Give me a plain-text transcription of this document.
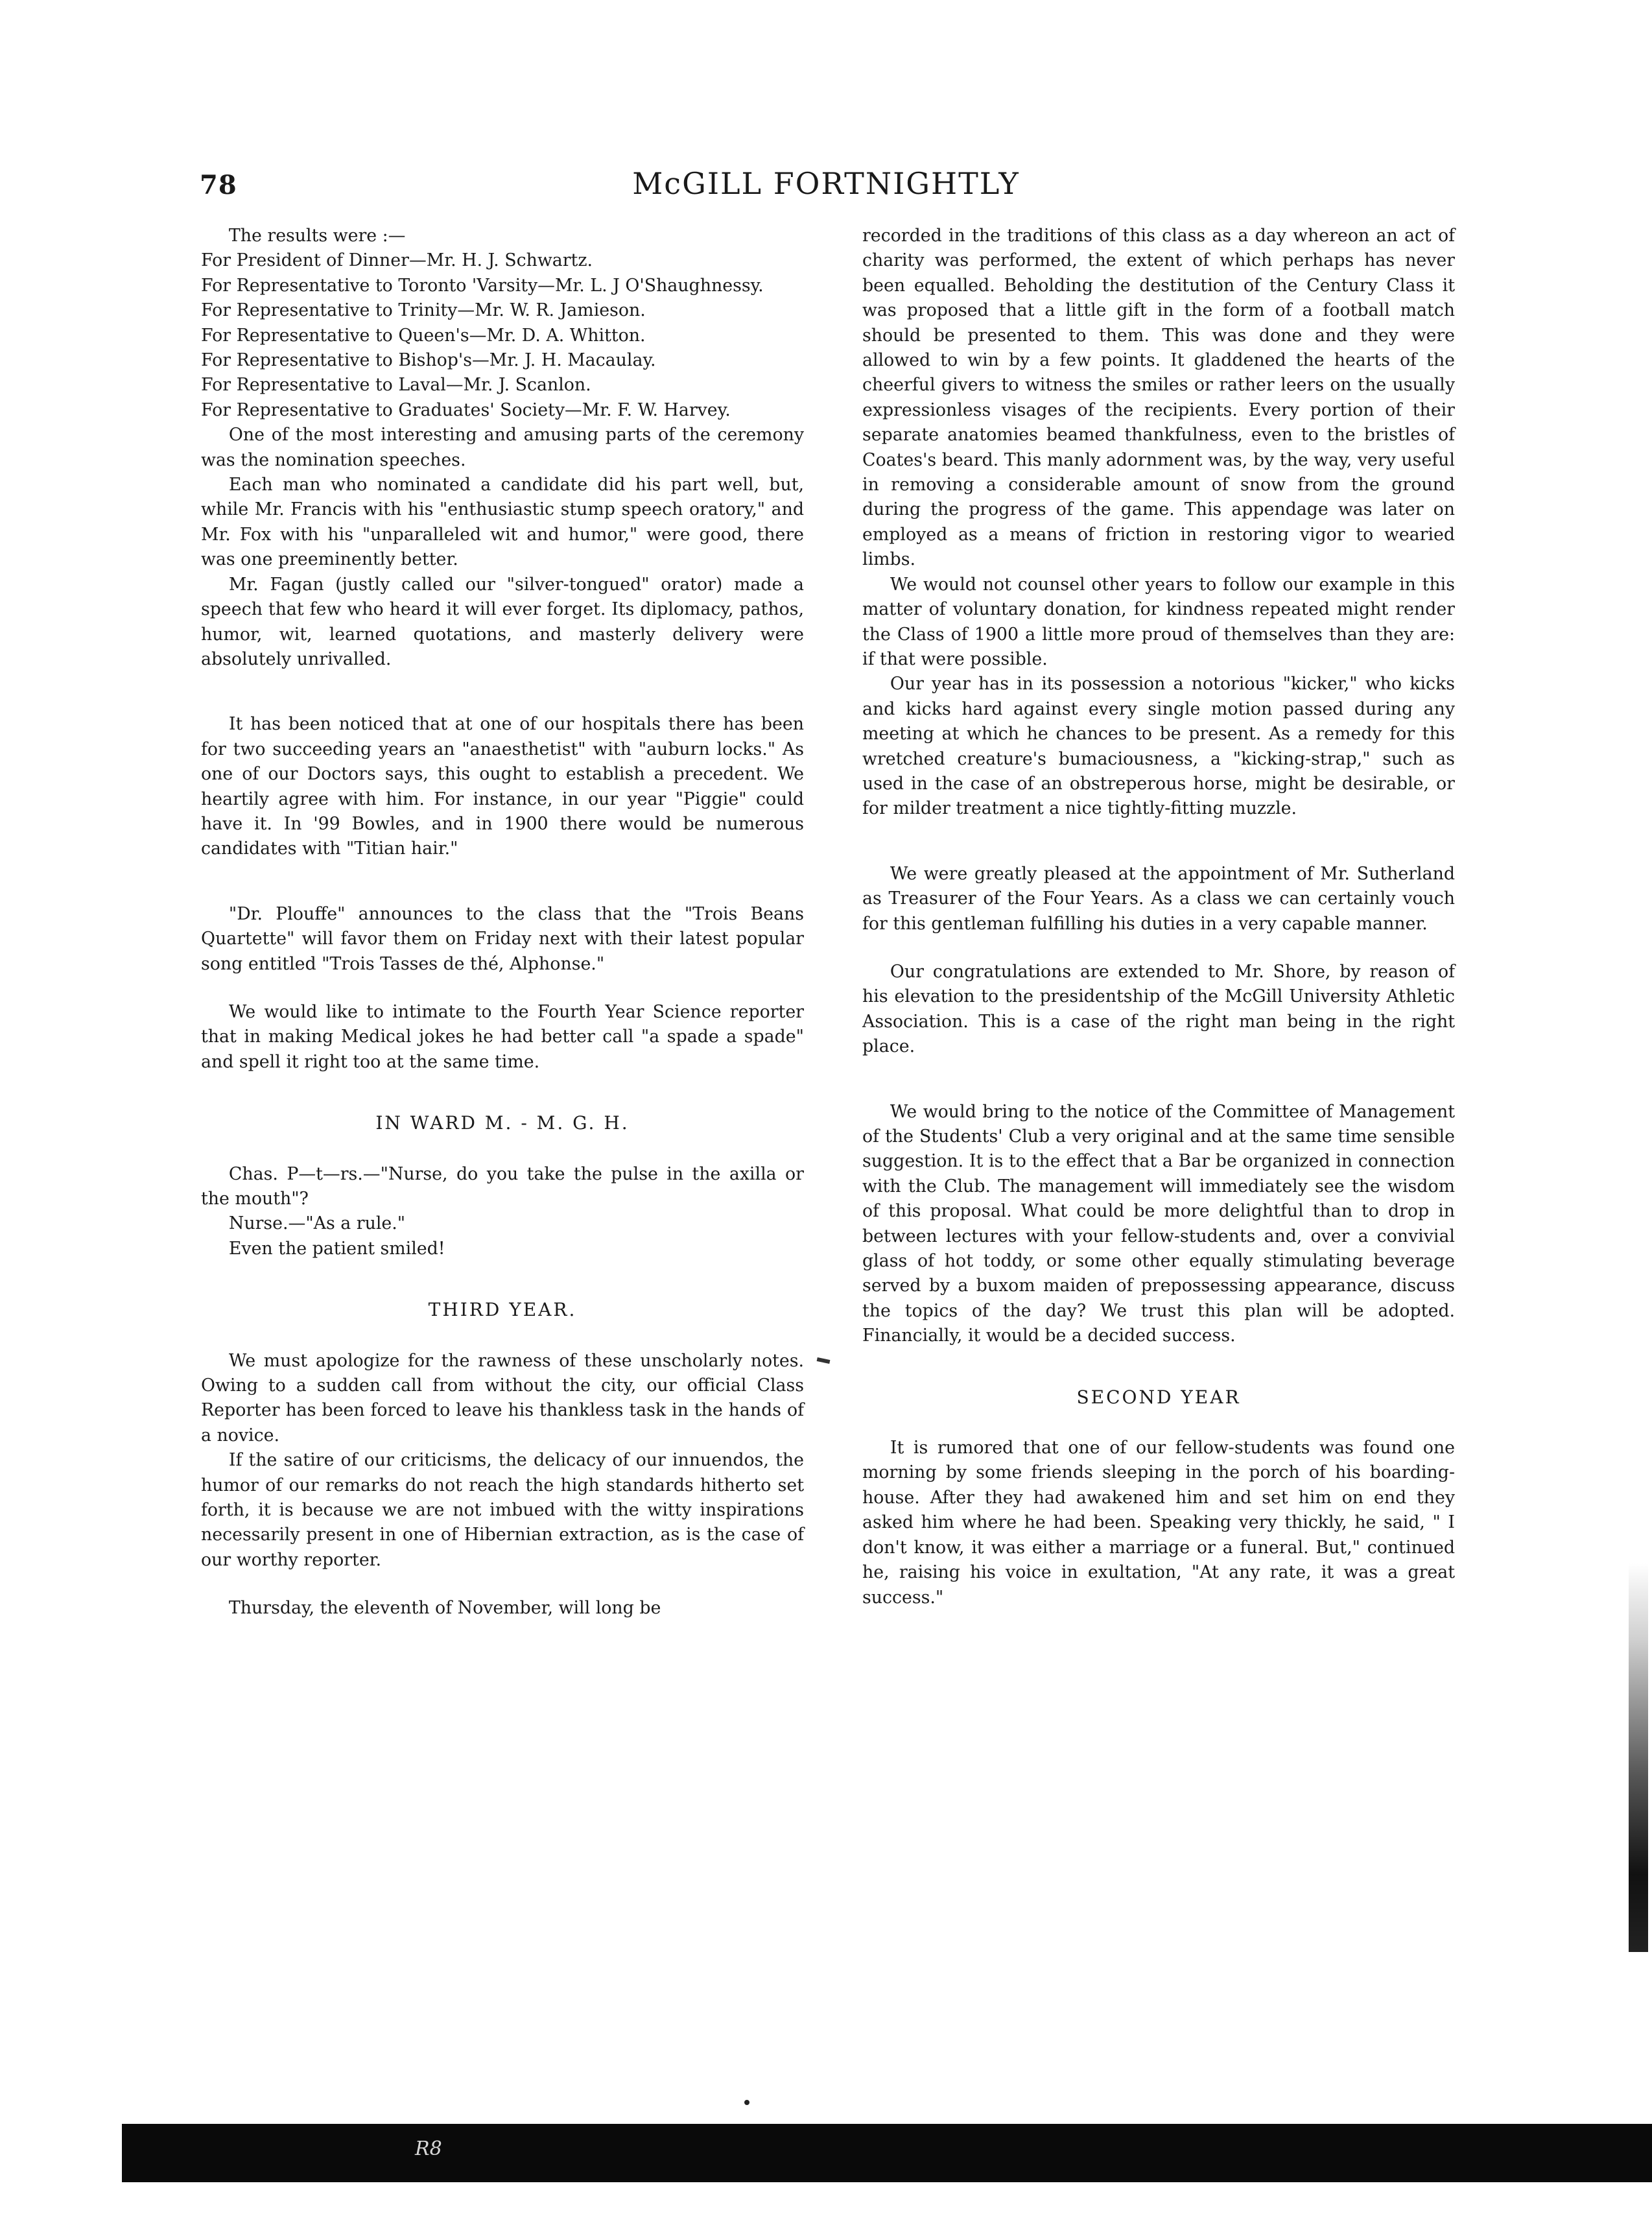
78	McGILL FORTNIGHTLY

The results were :—

For President of Dinner—Mr. H. J. Schwartz.

For Representative to Toronto 'Varsity—Mr. L. J O'Shaughnessy.

For Representative to Trinity—Mr. W. R. Jamieson.

For Representative to Queen's—Mr. D. A. Whitton.

For Representative to Bishop's—Mr. J. H. Macaulay.

For Representative to Laval—Mr. J. Scanlon.

For Representative to Graduates' Society—Mr. F. W. Harvey.

One of the most interesting and amusing parts of the ceremony was the nomination speeches.

Each man who nominated a candidate did his part well, but, while Mr. Francis with his "enthusiastic stump speech oratory," and Mr. Fox with his "unparalleled wit and humor," were good, there was one preeminently better.

Mr. Fagan (justly called our "silver-tongued" orator) made a speech that few who heard it will ever forget. Its diplomacy, pathos, humor, wit, learned quotations, and masterly delivery were absolutely unrivalled.

It has been noticed that at one of our hospitals there has been for two succeeding years an "anaesthetist" with "auburn locks." As one of our Doctors says, this ought to establish a precedent. We heartily agree with him. For instance, in our year "Piggie" could have it. In '99 Bowles, and in 1900 there would be numerous candidates with "Titian hair."

"Dr. Plouffe" announces to the class that the "Trois Beans Quartette" will favor them on Friday next with their latest popular song entitled "Trois Tasses de thé, Alphonse."

We would like to intimate to the Fourth Year Science reporter that in making Medical jokes he had better call "a spade a spade" and spell it right too at the same time.

IN WARD M. - M. G. H.

Chas. P—t—rs.—"Nurse, do you take the pulse in the axilla or the mouth"?

Nurse.—"As a rule."

Even the patient smiled!

THIRD YEAR.

We must apologize for the rawness of these unscholarly notes. Owing to a sudden call from without the city, our official Class Reporter has been forced to leave his thankless task in the hands of a novice.

If the satire of our criticisms, the delicacy of our innuendos, the humor of our remarks do not reach the high standards hitherto set forth, it is because we are not imbued with the witty inspirations necessarily present in one of Hibernian extraction, as is the case of our worthy reporter.

Thursday, the eleventh of November, will long be

recorded in the traditions of this class as a day whereon an act of charity was performed, the extent of which perhaps has never been equalled. Beholding the destitution of the Century Class it was proposed that a little gift in the form of a football match should be presented to them. This was done and they were allowed to win by a few points. It gladdened the hearts of the cheerful givers to witness the smiles or rather leers on the usually expressionless visages of the recipients. Every portion of their separate anatomies beamed thankfulness, even to the bristles of Coates's beard. This manly adornment was, by the way, very useful in removing a considerable amount of snow from the ground during the progress of the game. This appendage was later on employed as a means of friction in restoring vigor to wearied limbs.

We would not counsel other years to follow our example in this matter of voluntary donation, for kindness repeated might render the Class of 1900 a little more proud of themselves than they are: if that were possible.

Our year has in its possession a notorious "kicker," who kicks and kicks hard against every single motion passed during any meeting at which he chances to be present. As a remedy for this wretched creature's bumaciousness, a "kicking-strap," such as used in the case of an obstreperous horse, might be desirable, or for milder treatment a nice tightly-fitting muzzle.

We were greatly pleased at the appointment of Mr. Sutherland as Treasurer of the Four Years. As a class we can certainly vouch for this gentleman fulfilling his duties in a very capable manner.

Our congratulations are extended to Mr. Shore, by reason of his elevation to the presidentship of the McGill University Athletic Association. This is a case of the right man being in the right place.

We would bring to the notice of the Committee of Management of the Students' Club a very original and at the same time sensible suggestion. It is to the effect that a Bar be organized in connection with the Club. The management will immediately see the wisdom of this proposal. What could be more delightful than to drop in between lectures with your fellow-students and, over a convivial glass of hot toddy, or some other equally stimulating beverage served by a buxom maiden of prepossessing appearance, discuss the topics of the day? We trust this plan will be adopted. Financially, it would be a decided success.

SECOND YEAR

It is rumored that one of our fellow-students was found one morning by some friends sleeping in the porch of his boarding-house. After they had awakened him and set him on end they asked him where he had been. Speaking very thickly, he said, " I don't know, it was either a marriage or a funeral. But," continued he, raising his voice in exultation, "At any rate, it was a great success."

R8
